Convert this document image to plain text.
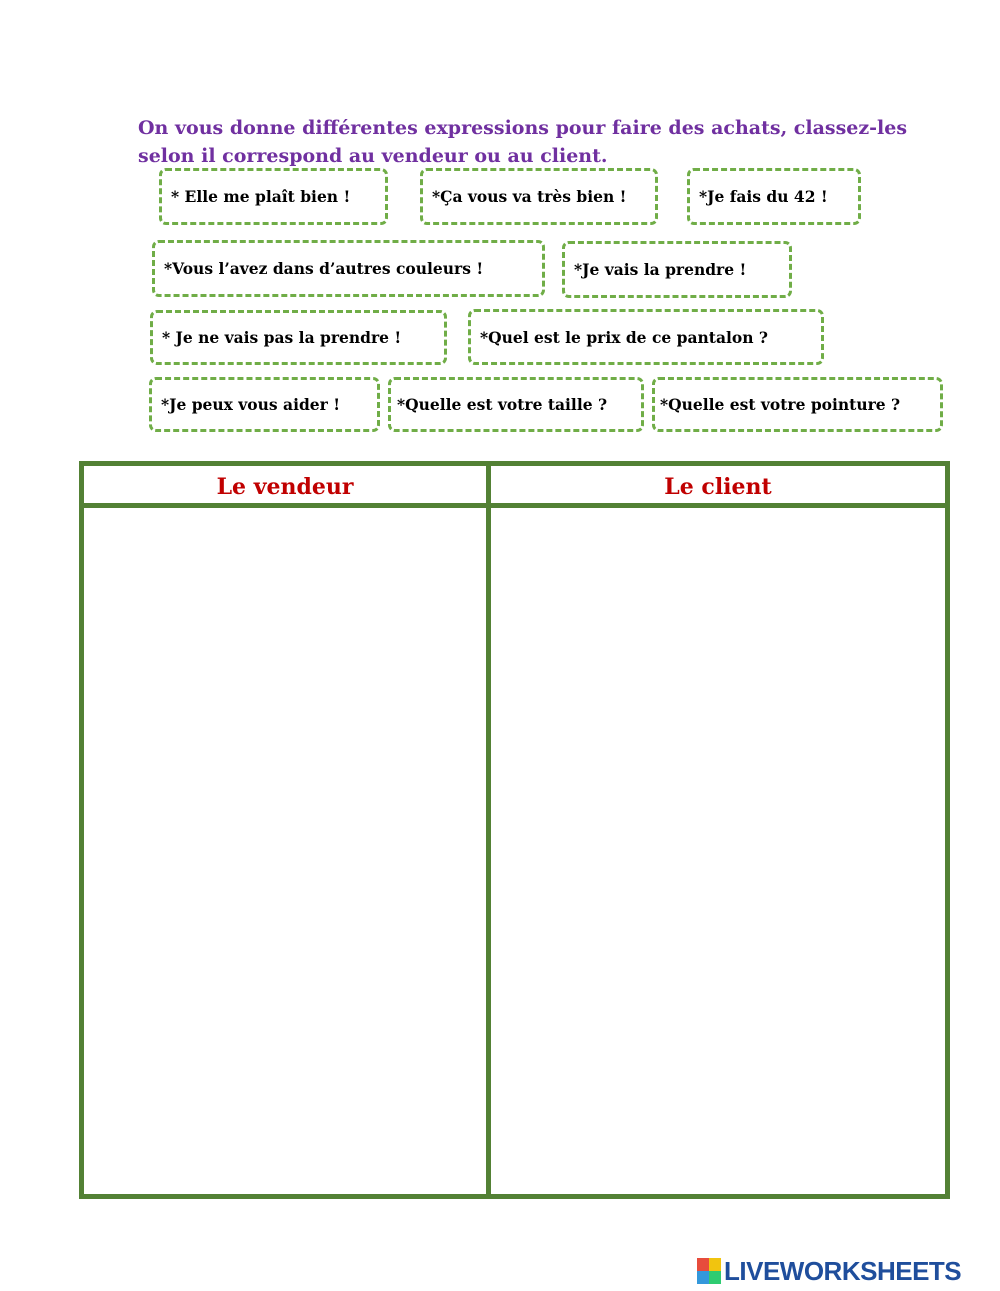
On vous donne différentes expressions pour faire des achats, classez-les selon il correspond au vendeur ou au client.

* Elle me plaît bien !	*Ça vous va très bien !	*Je fais du 42 !
*Vous l’avez dans d’autres couleurs !	*Je vais la prendre !
* Je ne vais pas la prendre !	*Quel est le prix de ce pantalon ?
*Je peux vous aider !	*Quelle est votre taille ?	*Quelle est votre pointure ?
Le vendeur	Le client
LIVEWORKSHEETS
